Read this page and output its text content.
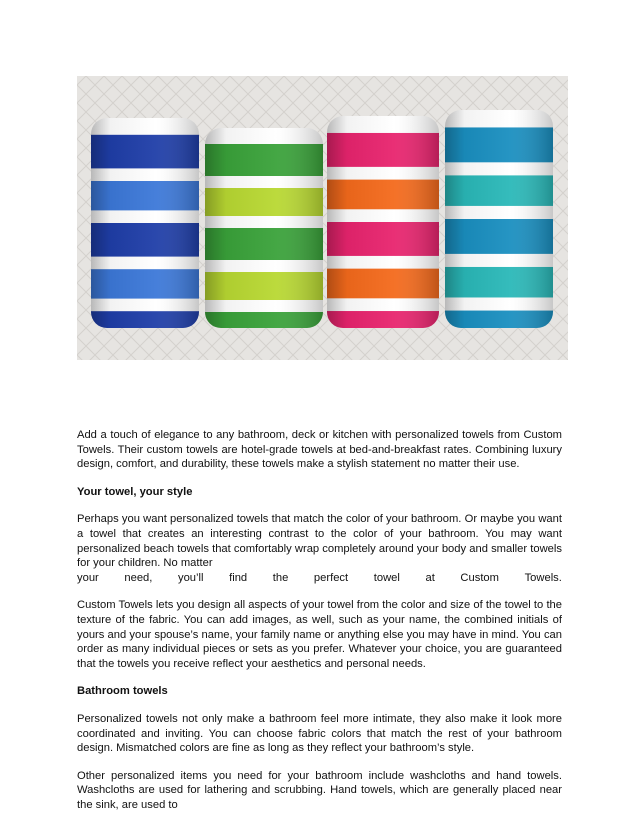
Add a touch of elegance to any bathroom, deck or kitchen with personalized towels from Custom Towels. Their custom towels are hotel-grade towels at bed-and-breakfast rates. Combining luxury design, comfort, and durability, these towels make a stylish statement no matter their use.

Your towel, your style

Perhaps you want personalized towels that match the color of your bathroom. Or maybe you want a towel that creates an interesting contrast to the color of your bathroom. You may want personalized beach towels that comfortably wrap completely around your body and smaller towels for your children. No matter

your need, you’ll find the perfect towel at Custom Towels.

Custom Towels lets you design all aspects of your towel from the color and size of the towel to the texture of the fabric. You can add images, as well, such as your name, the combined initials of yours and your spouse’s name, your family name or anything else you may have in mind. You can order as many individual pieces or sets as you prefer. Whatever your choice, you are guaranteed that the towels you receive reflect your aesthetics and personal needs.

Bathroom towels

Personalized towels not only make a bathroom feel more intimate, they also make it look more coordinated and inviting. You can choose fabric colors that match the rest of your bathroom design. Mismatched colors are fine as long as they reflect your bathroom’s style.

Other personalized items you need for your bathroom include washcloths and hand towels. Washcloths are used for lathering and scrubbing. Hand towels, which are generally placed near the sink, are used to
